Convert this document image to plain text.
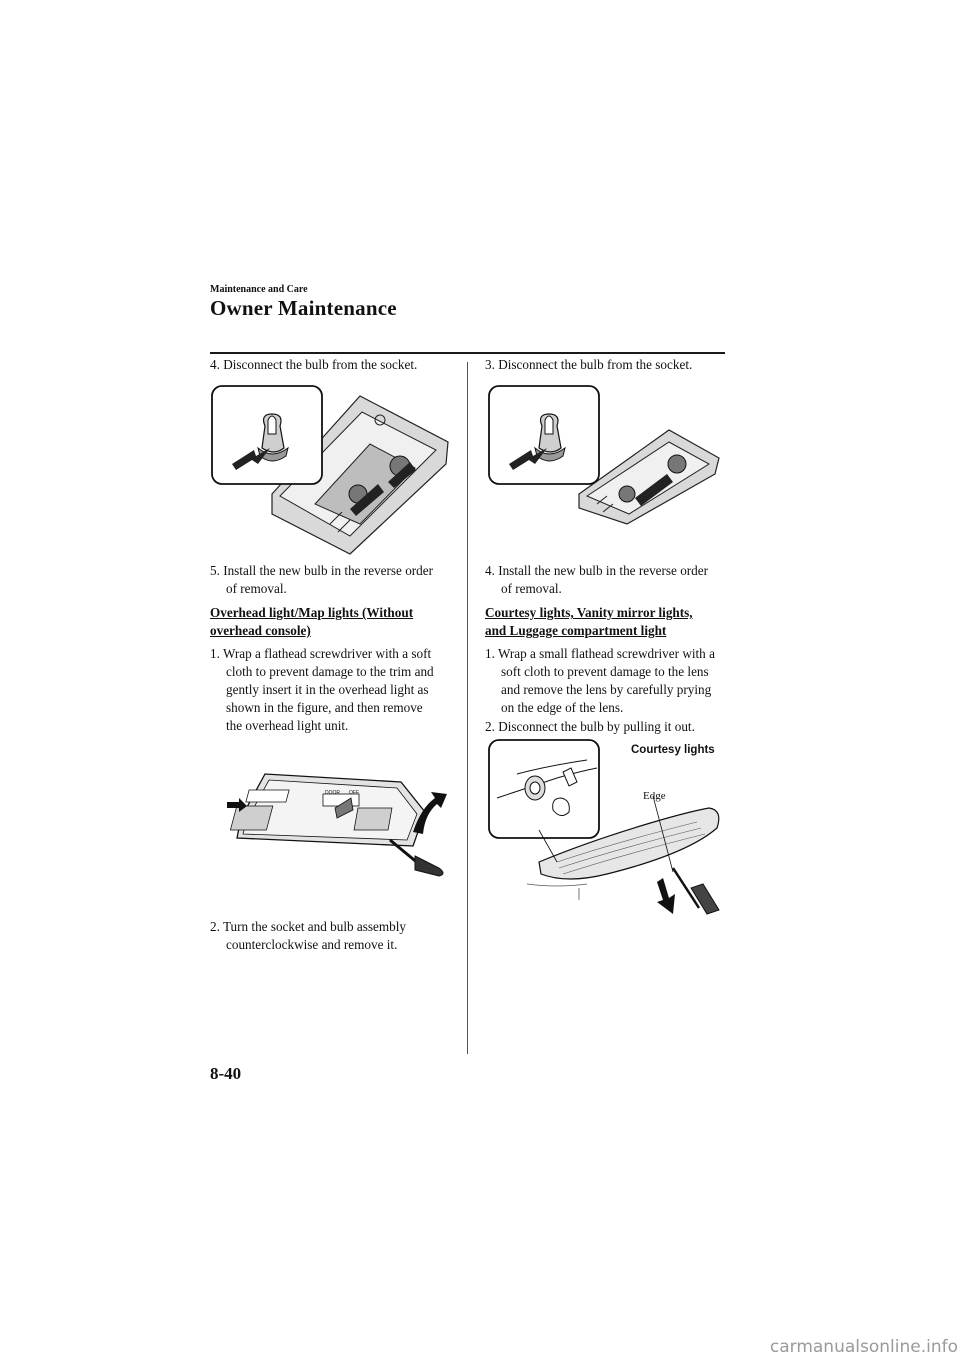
Maintenance and Care
Owner Maintenance

4. Disconnect the bulb from the socket.

5. Install the new bulb in the reverse order of removal.

Overhead light/Map lights (Without overhead console)

1. Wrap a flathead screwdriver with a soft cloth to prevent damage to the trim and gently insert it in the overhead light as shown in the figure, and then remove the overhead light unit.

DOOR OFF

2. Turn the socket and bulb assembly counterclockwise and remove it.

3. Disconnect the bulb from the socket.

4. Install the new bulb in the reverse order of removal.

Courtesy lights, Vanity mirror lights, and Luggage compartment light

1. Wrap a small flathead screwdriver with a soft cloth to prevent damage to the lens and remove the lens by carefully prying on the edge of the lens.

2. Disconnect the bulb by pulling it out.

Courtesy lights
Edge
8-40
carmanualsonline.info
